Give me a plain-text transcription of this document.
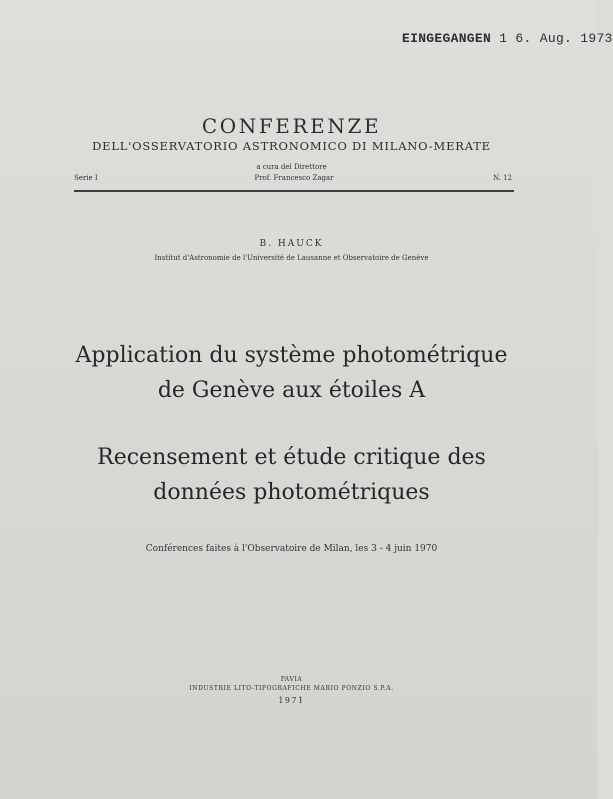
EINGEGANGEN 1 6. Aug. 1973
CONFERENZE
DELL'OSSERVATORIO ASTRONOMICO DI MILANO-MERATE
a cura del Direttore
Serie I	Prof. Francesco Zagar	N. 12
B. HAUCK
Institut d'Astronomie de l'Université de Lausanne et Observatoire de Genève
Application du système photométrique
de Genève aux étoiles A
Recensement et étude critique des
données photométriques
Conférences faites à l'Observatoire de Milan, les 3 - 4 juin 1970
PAVIA
INDUSTRIE LITO-TIPOGRAFICHE MARIO PONZIO S.P.A.
1971
